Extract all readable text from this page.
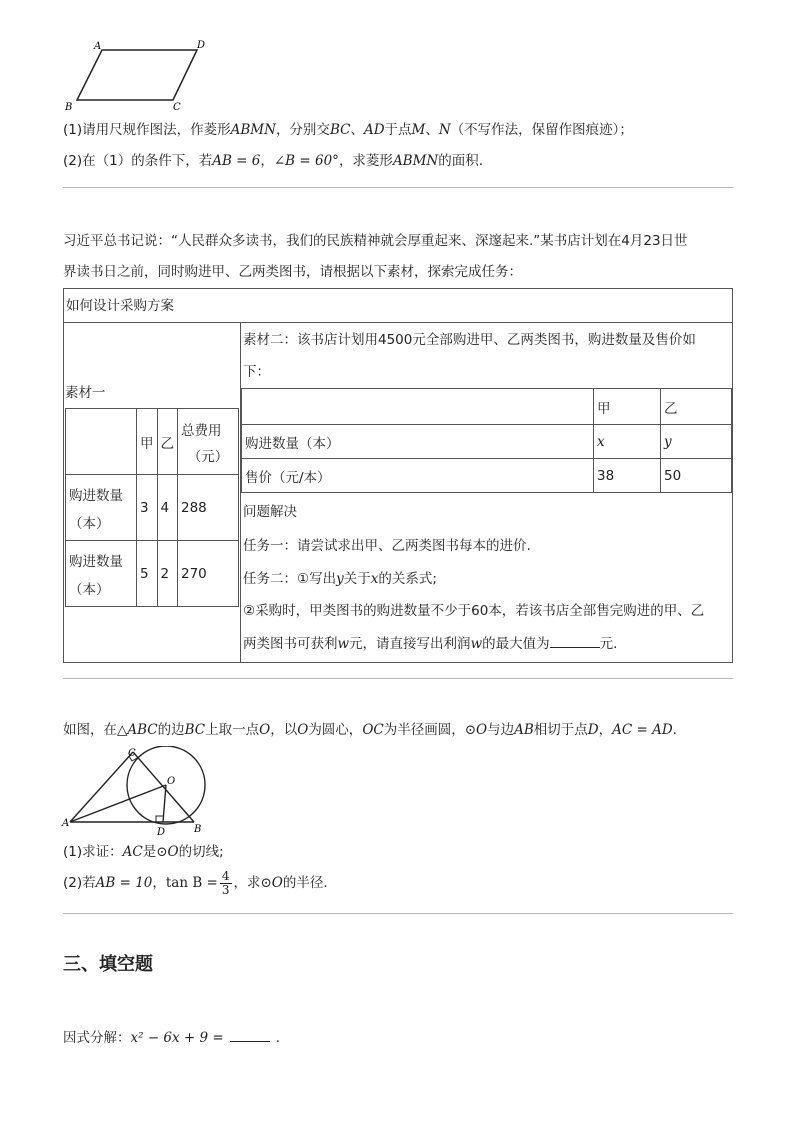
A	D
B	C
(1)请用尺规作图法，作菱形ABMN，分别交BC、AD于点M、N（不写作法，保留作图痕迹）；
(2)在（1）的条件下，若AB = 6，∠B = 60°，求菱形ABMN的面积.
习近平总书记说：“人民群众多读书，我们的民族精神就会厚重起来、深邃起来.”某书店计划在4月23日世
界读书日之前，同时购进甲、乙两类图书，请根据以下素材，探索完成任务：
如何设计采购方案
素材一
	甲	乙	总费用
（元）

购进数量
（本）	3	4	288

购进数量
（本）	5	2	270
素材二：该书店计划用4500元全部购进甲、乙两类图书，购进数量及售价如
下：
	甲	乙
购进数量（本）	x	y
售价（元/本）	38	50
问题解决
任务一：请尝试求出甲、乙两类图书每本的进价.
任务二：①写出y关于x的关系式;
②采购时，甲类图书的购进数量不少于60本，若该书店全部售完购进的甲、乙
两类图书可获利w元，请直接写出利润w的最大值为	元.
如图，在△ABC的边BC上取一点O，以O为圆心，OC为半径画圆，⊙O与边AB相切于点D，AC = AD.
A
B
C
O
D
(1)求证：AC是⊙O的切线;
(2)若AB = 10，$\tan B = \frac{4}{3}$ ，求⊙O的半径.
三、填空题
因式分解：x² − 6x + 9 =	.
